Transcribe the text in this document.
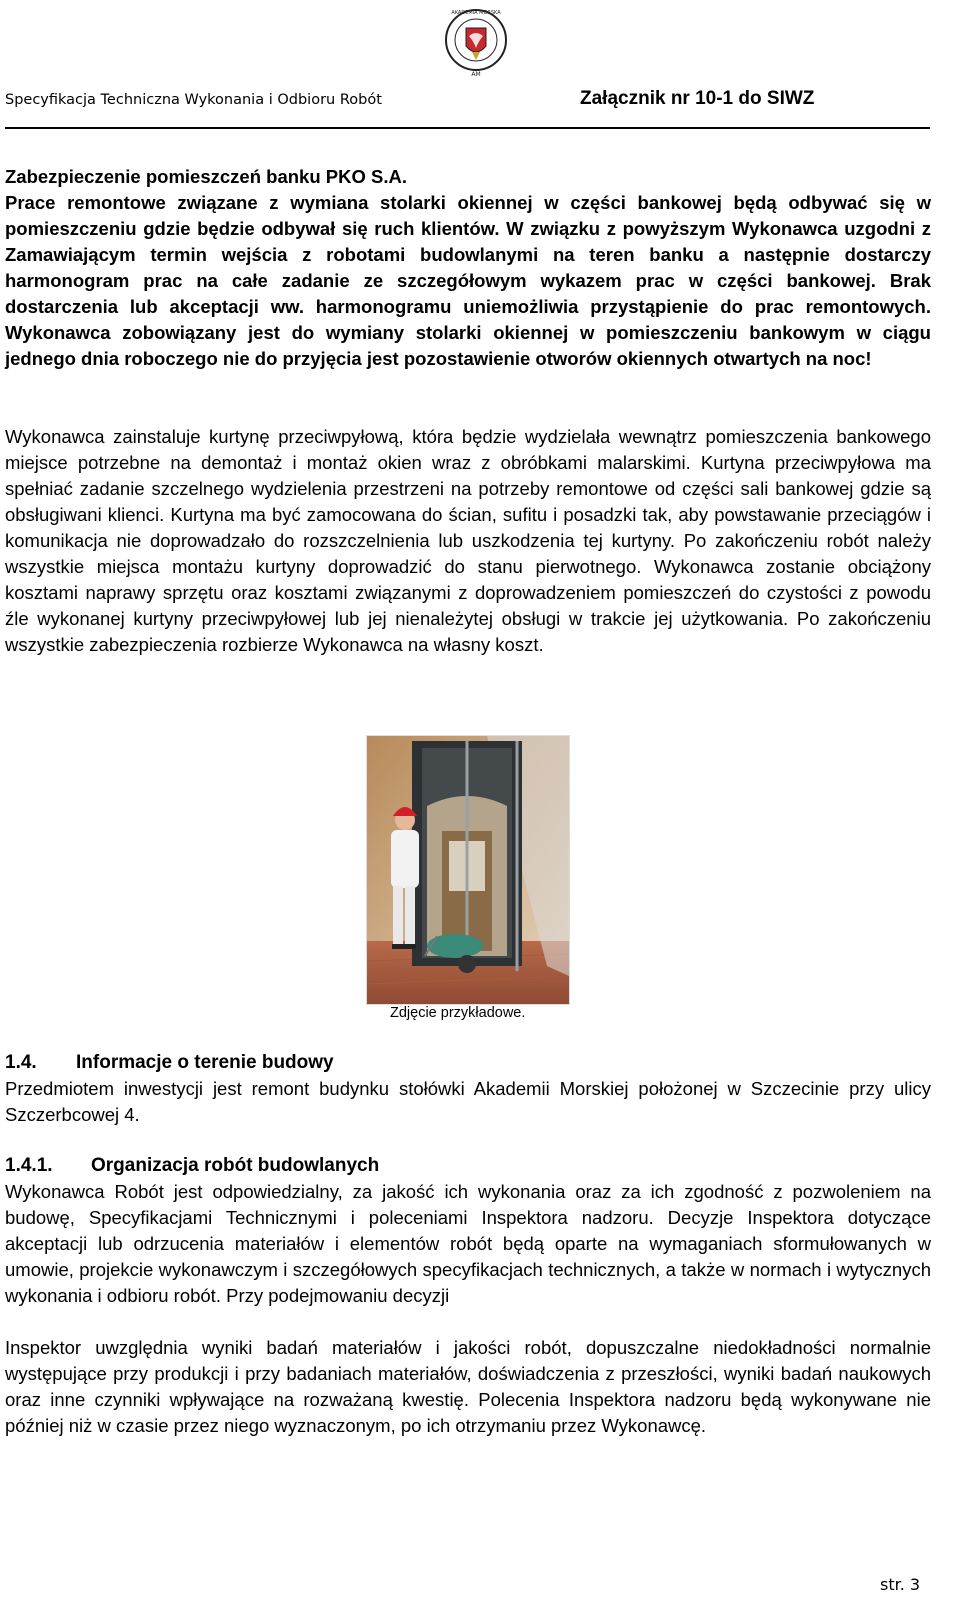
AM
AKADEMIA MORSKA
Specyfikacja Techniczna Wykonania i Odbioru Robót	Załącznik nr 10-1 do SIWZ
Zabezpieczenie pomieszczeń banku PKO S.A.

Prace remontowe związane z wymiana stolarki okiennej w części bankowej będą odbywać się w pomieszczeniu gdzie będzie odbywał się ruch klientów. W związku z powyższym Wykonawca uzgodni z Zamawiającym termin wejścia z robotami budowlanymi na teren banku a następnie dostarczy harmonogram prac na całe zadanie ze szczegółowym wykazem prac w części bankowej. Brak dostarczenia lub akceptacji ww. harmonogramu uniemożliwia przystąpienie do prac remontowych. Wykonawca zobowiązany jest do wymiany stolarki okiennej w pomieszczeniu bankowym w ciągu jednego dnia roboczego nie do przyjęcia jest pozostawienie otworów okiennych otwartych na noc!

Wykonawca zainstaluje kurtynę przeciwpyłową, która będzie wydzielała wewnątrz pomieszczenia bankowego miejsce potrzebne na demontaż i montaż okien wraz z obróbkami malarskimi. Kurtyna przeciwpyłowa ma spełniać zadanie szczelnego wydzielenia przestrzeni na potrzeby remontowe od części sali bankowej gdzie są obsługiwani klienci. Kurtyna ma być zamocowana do ścian, sufitu i posadzki tak, aby powstawanie przeciągów i komunikacja nie doprowadzało do rozszczelnienia lub uszkodzenia tej kurtyny. Po zakończeniu robót należy wszystkie miejsca montażu kurtyny doprowadzić do stanu pierwotnego. Wykonawca zostanie obciążony kosztami naprawy sprzętu oraz kosztami związanymi z doprowadzeniem pomieszczeń do czystości z powodu źle wykonanej kurtyny przeciwpyłowej lub jej nienależytej obsługi w trakcie jej użytkowania. Po zakończeniu wszystkie zabezpieczenia rozbierze Wykonawca na własny koszt.

Zdjęcie przykładowe.
1.4. Informacje o terenie budowy

Przedmiotem inwestycji jest remont budynku stołówki Akademii Morskiej położonej w Szczecinie przy ulicy Szczerbcowej 4.

1.4.1. Organizacja robót budowlanych

Wykonawca Robót jest odpowiedzialny, za jakość ich wykonania oraz za ich zgodność z pozwoleniem na budowę, Specyfikacjami Technicznymi i poleceniami Inspektora nadzoru. Decyzje Inspektora dotyczące akceptacji lub odrzucenia materiałów i elementów robót będą oparte na wymaganiach sformułowanych w umowie, projekcie wykonawczym i szczegółowych specyfikacjach technicznych, a także w normach i wytycznych wykonania i odbioru robót. Przy podejmowaniu decyzji

Inspektor uwzględnia wyniki badań materiałów i jakości robót, dopuszczalne niedokładności normalnie występujące przy produkcji i przy badaniach materiałów, doświadczenia z przeszłości, wyniki badań naukowych oraz inne czynniki wpływające na rozważaną kwestię. Polecenia Inspektora nadzoru będą wykonywane nie później niż w czasie przez niego wyznaczonym, po ich otrzymaniu przez Wykonawcę.

str. 3
